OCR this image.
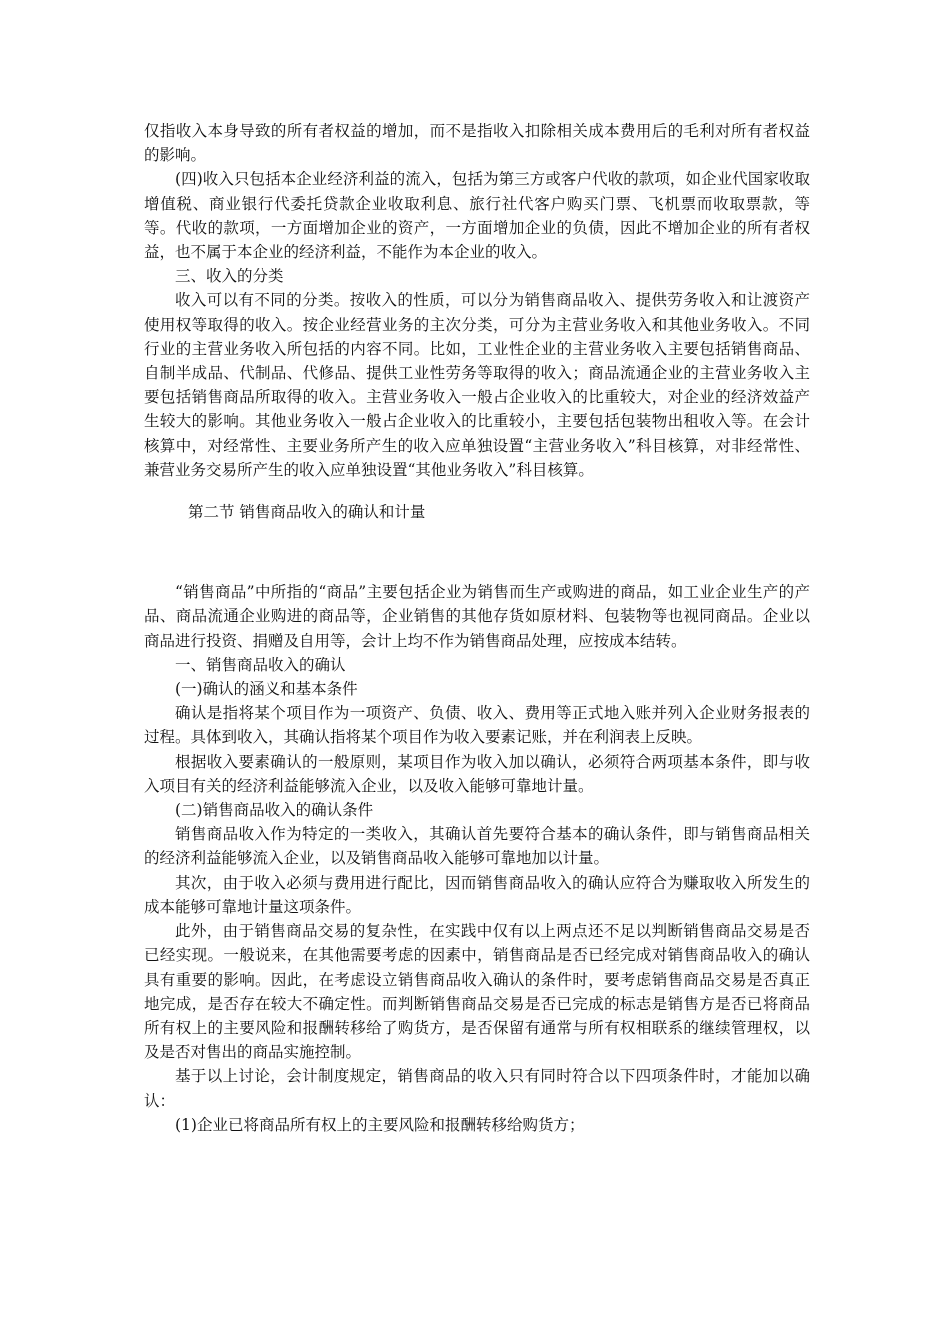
仅指收入本身导致的所有者权益的增加，而不是指收入扣除相关成本费用后的毛利对所有者权益的影响。

(四)收入只包括本企业经济利益的流入，包括为第三方或客户代收的款项，如企业代国家收取增值税、商业银行代委托贷款企业收取利息、旅行社代客户购买门票、飞机票而收取票款，等等。代收的款项，一方面增加企业的资产，一方面增加企业的负债，因此不增加企业的所有者权益，也不属于本企业的经济利益，不能作为本企业的收入。

三、收入的分类

收入可以有不同的分类。按收入的性质，可以分为销售商品收入、提供劳务收入和让渡资产使用权等取得的收入。按企业经营业务的主次分类，可分为主营业务收入和其他业务收入。不同行业的主营业务收入所包括的内容不同。比如，工业性企业的主营业务收入主要包括销售商品、自制半成品、代制品、代修品、提供工业性劳务等取得的收入；商品流通企业的主营业务收入主要包括销售商品所取得的收入。主营业务收入一般占企业收入的比重较大，对企业的经济效益产生较大的影响。其他业务收入一般占企业收入的比重较小，主要包括包装物出租收入等。在会计核算中，对经常性、主要业务所产生的收入应单独设置“主营业务收入”科目核算，对非经常性、兼营业务交易所产生的收入应单独设置“其他业务收入”科目核算。

第二节 销售商品收入的确认和计量

“销售商品”中所指的“商品”主要包括企业为销售而生产或购进的商品，如工业企业生产的产品、商品流通企业购进的商品等，企业销售的其他存货如原材料、包装物等也视同商品。企业以商品进行投资、捐赠及自用等，会计上均不作为销售商品处理，应按成本结转。

一、销售商品收入的确认

(一)确认的涵义和基本条件

确认是指将某个项目作为一项资产、负债、收入、费用等正式地入账并列入企业财务报表的过程。具体到收入，其确认指将某个项目作为收入要素记账，并在利润表上反映。

根据收入要素确认的一般原则，某项目作为收入加以确认，必须符合两项基本条件，即与收入项目有关的经济利益能够流入企业，以及收入能够可靠地计量。

(二)销售商品收入的确认条件

销售商品收入作为特定的一类收入，其确认首先要符合基本的确认条件，即与销售商品相关的经济利益能够流入企业，以及销售商品收入能够可靠地加以计量。

其次，由于收入必须与费用进行配比，因而销售商品收入的确认应符合为赚取收入所发生的成本能够可靠地计量这项条件。

此外，由于销售商品交易的复杂性，在实践中仅有以上两点还不足以判断销售商品交易是否已经实现。一般说来，在其他需要考虑的因素中，销售商品是否已经完成对销售商品收入的确认具有重要的影响。因此，在考虑设立销售商品收入确认的条件时，要考虑销售商品交易是否真正地完成，是否存在较大不确定性。而判断销售商品交易是否已完成的标志是销售方是否已将商品所有权上的主要风险和报酬转移给了购货方，是否保留有通常与所有权相联系的继续管理权，以及是否对售出的商品实施控制。

基于以上讨论，会计制度规定，销售商品的收入只有同时符合以下四项条件时，才能加以确认：

(1)企业已将商品所有权上的主要风险和报酬转移给购货方；
